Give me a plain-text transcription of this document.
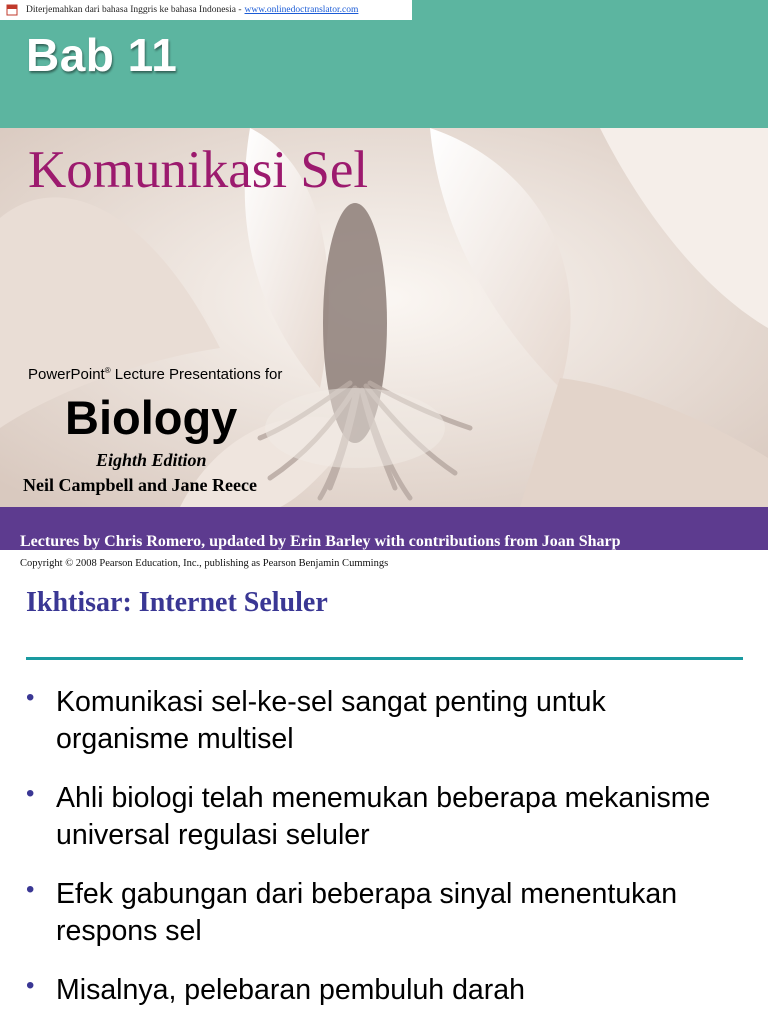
Diterjemahkan dari bahasa Inggris ke bahasa Indonesia - www.onlinedoctranslator.com
Bab 11
Komunikasi Sel
PowerPoint® Lecture Presentations for
Biology
Eighth Edition
Neil Campbell and Jane Reece
Lectures by Chris Romero, updated by Erin Barley with contributions from Joan Sharp
Copyright © 2008 Pearson Education, Inc., publishing as Pearson Benjamin Cummings
Ikhtisar: Internet Seluler
• Komunikasi sel-ke-sel sangat penting untuk organisme multisel
• Ahli biologi telah menemukan beberapa mekanisme universal regulasi seluler
• Efek gabungan dari beberapa sinyal menentukan respons sel
• Misalnya, pelebaran pembuluh darah
